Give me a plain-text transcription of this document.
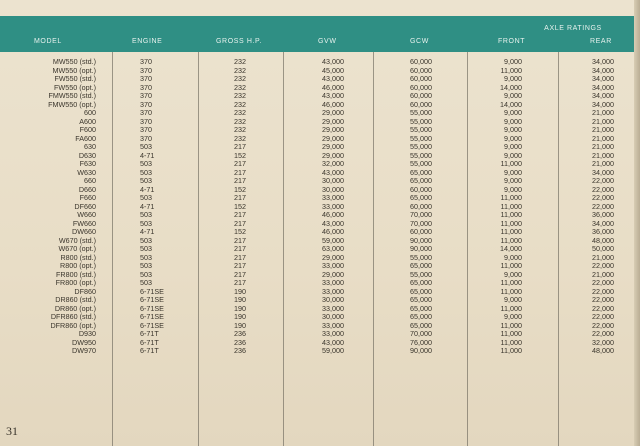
MODEL	ENGINE	GROSS H.P.	GVW	GCW	FRONT	REAR
AXLE RATINGS
MW550 (std.)	370	232	43,000	60,000	9,000	34,000
MW550 (opt.)	370	232	45,000	60,000	11,000	34,000
FW550 (std.)	370	232	43,000	60,000	9,000	34,000
FW550 (opt.)	370	232	46,000	60,000	14,000	34,000
FMW550 (std.)	370	232	43,000	60,000	9,000	34,000
FMW550 (opt.)	370	232	46,000	60,000	14,000	34,000
600	370	232	29,000	55,000	9,000	21,000
A600	370	232	29,000	55,000	9,000	21,000
F600	370	232	29,000	55,000	9,000	21,000
FA600	370	232	29,000	55,000	9,000	21,000
630	503	217	29,000	55,000	9,000	21,000
D630	4-71	152	29,000	55,000	9,000	21,000
F630	503	217	32,000	55,000	11,000	21,000
W630	503	217	43,000	65,000	9,000	34,000
660	503	217	30,000	65,000	9,000	22,000
D660	4-71	152	30,000	60,000	9,000	22,000
F660	503	217	33,000	65,000	11,000	22,000
DF660	4-71	152	33,000	60,000	11,000	22,000
W660	503	217	46,000	70,000	11,000	36,000
FW660	503	217	43,000	70,000	11,000	34,000
DW660	4-71	152	46,000	60,000	11,000	36,000
W670 (std.)	503	217	59,000	90,000	11,000	48,000
W670 (opt.)	503	217	63,000	90,000	14,000	50,000
R800 (std.)	503	217	29,000	55,000	9,000	21,000
R800 (opt.)	503	217	33,000	65,000	11,000	22,000
FR800 (std.)	503	217	29,000	55,000	9,000	21,000
FR800 (opt.)	503	217	33,000	65,000	11,000	22,000
DF860	6-71SE	190	33,000	65,000	11,000	22,000
DR860 (std.)	6-71SE	190	30,000	65,000	9,000	22,000
DR860 (opt.)	6-71SE	190	33,000	65,000	11,000	22,000
DFR860 (std.)	6-71SE	190	30,000	65,000	9,000	22,000
DFR860 (opt.)	6-71SE	190	33,000	65,000	11,000	22,000
D930	6-71T	236	33,000	70,000	11,000	22,000
DW950	6-71T	236	43,000	76,000	11,000	32,000
DW970	6-71T	236	59,000	90,000	11,000	48,000
31
